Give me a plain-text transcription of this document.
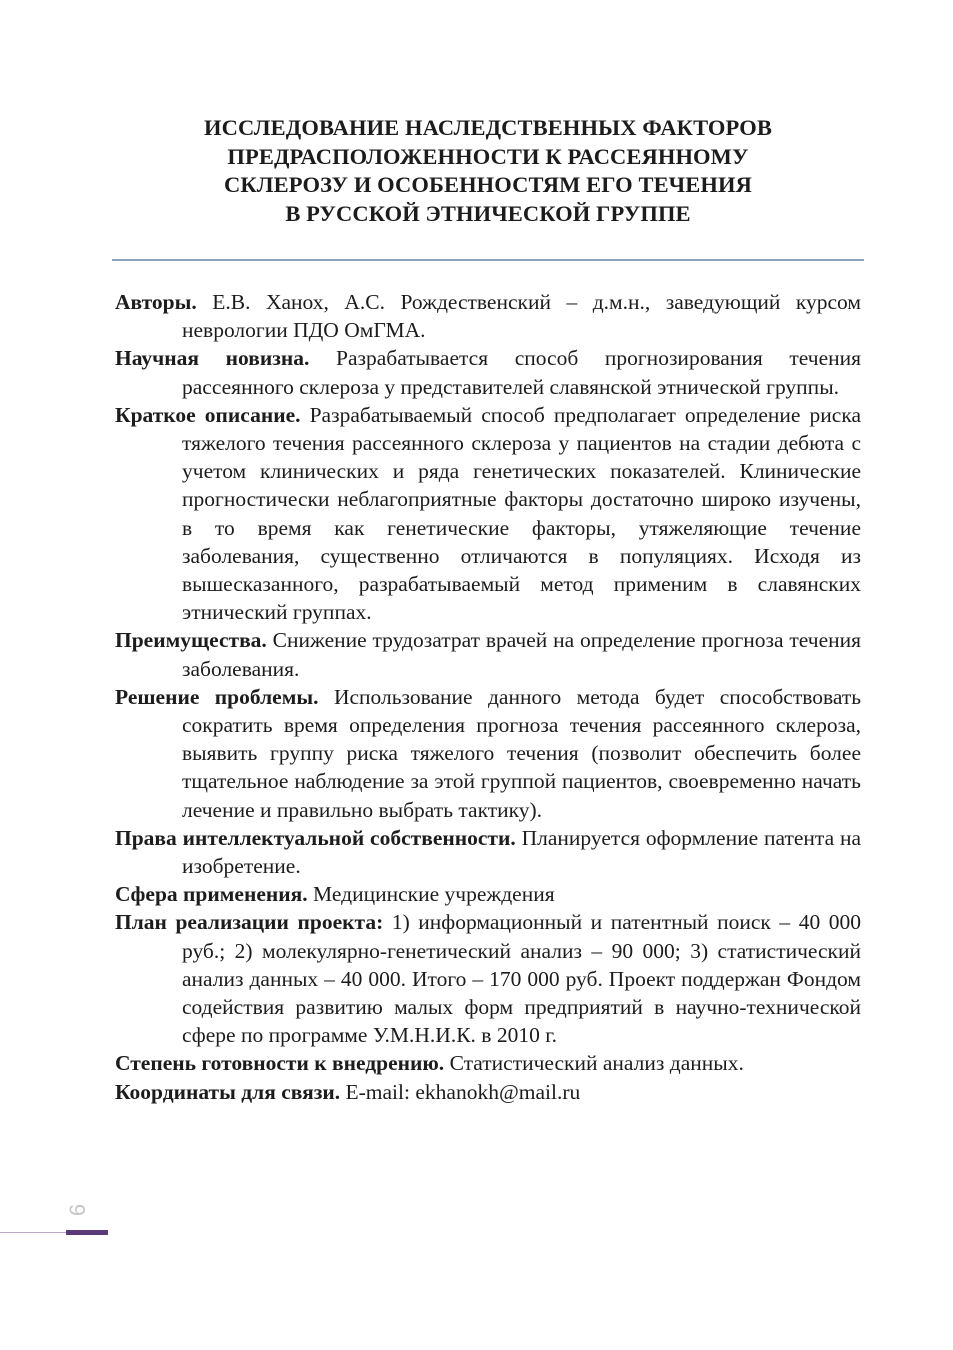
ИССЛЕДОВАНИЕ НАСЛЕДСТВЕННЫХ ФАКТОРОВ
ПРЕДРАСПОЛОЖЕННОСТИ К РАССЕЯННОМУ
СКЛЕРОЗУ И ОСОБЕННОСТЯМ ЕГО ТЕЧЕНИЯ
В РУССКОЙ ЭТНИЧЕСКОЙ ГРУППЕ

Авторы. Е.В. Ханох, А.С. Рождественский – д.м.н., заведующий курсом неврологии ПДО ОмГМА.

Научная новизна. Разрабатывается способ прогнозирования течения рассеянного склероза у представителей славянской этнической группы.

Краткое описание. Разрабатываемый способ предполагает определение риска тяжелого течения рассеянного склероза у пациентов на стадии дебюта с учетом клинических и ряда генетических показателей. Клинические прогностически неблагоприятные факторы достаточно широко изучены, в то время как генетические факторы, утяжеляющие течение заболевания, существенно отличаются в популяциях. Исходя из вышесказанного, разрабатываемый метод применим в славянских этнический группах.

Преимущества. Снижение трудозатрат врачей на определение прогноза течения заболевания.

Решение проблемы. Использование данного метода будет способствовать сократить время определения прогноза течения рассеянного склероза, выявить группу риска тяжелого течения (позволит обеспечить более тщательное наблюдение за этой группой пациентов, своевременно начать лечение и правильно выбрать тактику).

Права интеллектуальной собственности. Планируется оформление патента на изобретение.

Сфера применения. Медицинские учреждения

План реализации проекта: 1) информационный и патентный поиск – 40 000 руб.; 2) молекулярно-генетический анализ – 90 000; 3) статистический анализ данных – 40 000. Итого – 170 000 руб. Проект поддержан Фондом содействия развитию малых форм предприятий в научно-технической сфере по программе У.М.Н.И.К. в 2010 г.

Степень готовности к внедрению. Статистический анализ данных.

Координаты для связи. E-mail: ekhanokh@mail.ru

6
